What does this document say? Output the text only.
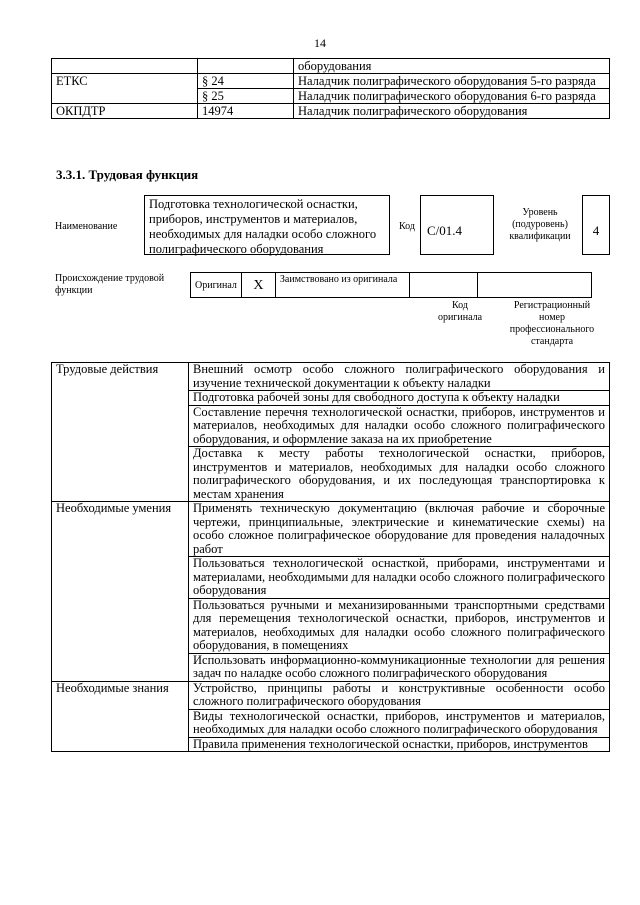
14
		оборудования
ЕТКС	§ 24	Наладчик полиграфического оборудования 5-го разряда
	§ 25	Наладчик полиграфического оборудования 6-го разряда
ОКПДТР	14974	Наладчик полиграфического оборудования
3.3.1. Трудовая функция
Наименование
Подготовка технологической оснастки, приборов, инструментов и материалов, необходимых для наладки особо сложного полиграфического оборудования
Код C/01.4
Уровень (подуровень) квалификации	4
Происхождение трудовой функции	Оригинал	X	Заимствовано из оригинала		
Код оригинала
Регистрационный номер профессионального стандарта
Трудовые действия	Внешний осмотр особо сложного полиграфического оборудования и изучение технической документации к объекту наладки
	Подготовка рабочей зоны для свободного доступа к объекту наладки
	Составление перечня технологической оснастки, приборов, инструментов и материалов, необходимых для наладки особо сложного полиграфического оборудования, и оформление заказа на их приобретение
	Доставка к месту работы технологической оснастки, приборов, инструментов и материалов, необходимых для наладки особо сложного полиграфического оборудования, и их последующая транспортировка к местам хранения
Необходимые умения	Применять техническую документацию (включая рабочие и сборочные чертежи, принципиальные, электрические и кинематические схемы) на особо сложное полиграфическое оборудование для проведения наладочных работ
	Пользоваться технологической оснасткой, приборами, инструментами и материалами, необходимыми для наладки особо сложного полиграфического оборудования
	Пользоваться ручными и механизированными транспортными средствами для перемещения технологической оснастки, приборов, инструментов и материалов, необходимых для наладки особо сложного полиграфического оборудования, в помещениях
	Использовать информационно-коммуникационные технологии для решения задач по наладке особо сложного полиграфического оборудования
Необходимые знания	Устройство, принципы работы и конструктивные особенности особо сложного полиграфического оборудования
	Виды технологической оснастки, приборов, инструментов и материалов, необходимых для наладки особо сложного полиграфического оборудования
	Правила применения технологической оснастки, приборов, инструментов
